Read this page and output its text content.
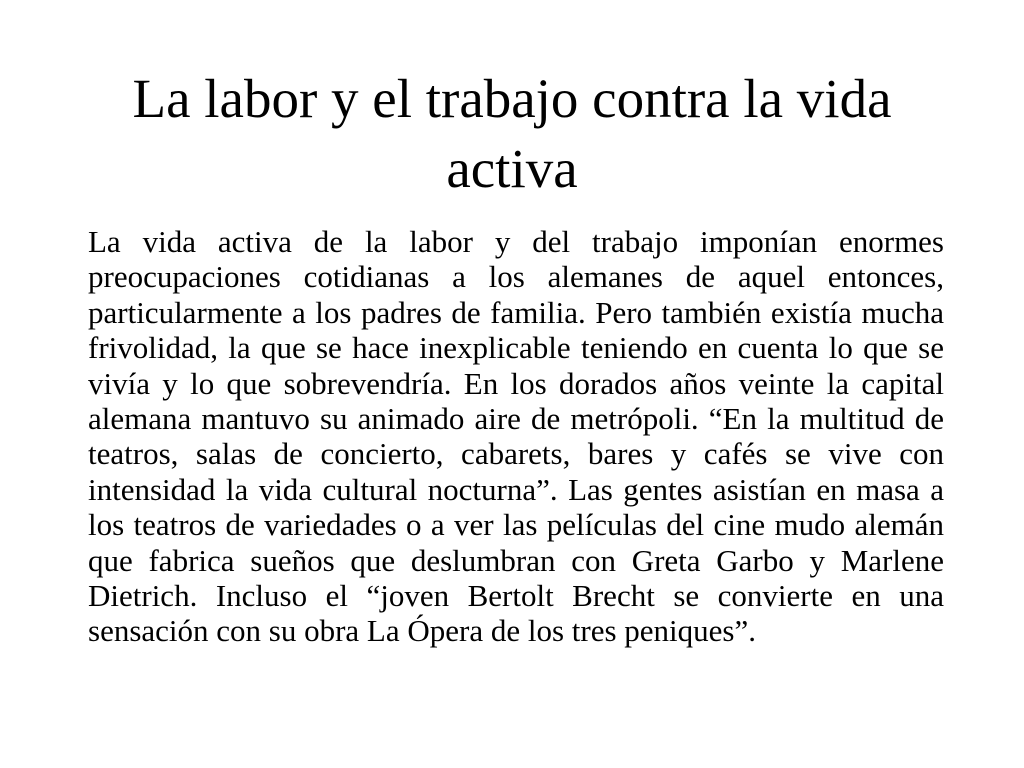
La labor y el trabajo contra la vida activa

La vida activa de la labor y del trabajo imponían enormes preocupaciones cotidianas a los alemanes de aquel entonces, particularmente a los padres de familia. Pero también existía mucha frivolidad, la que se hace inexplicable teniendo en cuenta lo que se vivía y lo que sobrevendría. En los dorados años veinte la capital alemana mantuvo su animado aire de metrópoli. “En la multitud de teatros, salas de concierto, cabarets, bares y cafés se vive con intensidad la vida cultural nocturna”. Las gentes asistían en masa a los teatros de variedades o a ver las películas del cine mudo alemán que fabrica sueños que deslumbran con Greta Garbo y Marlene Dietrich. Incluso el “joven Bertolt Brecht se convierte en una sensación con su obra La Ópera de los tres peniques”.
